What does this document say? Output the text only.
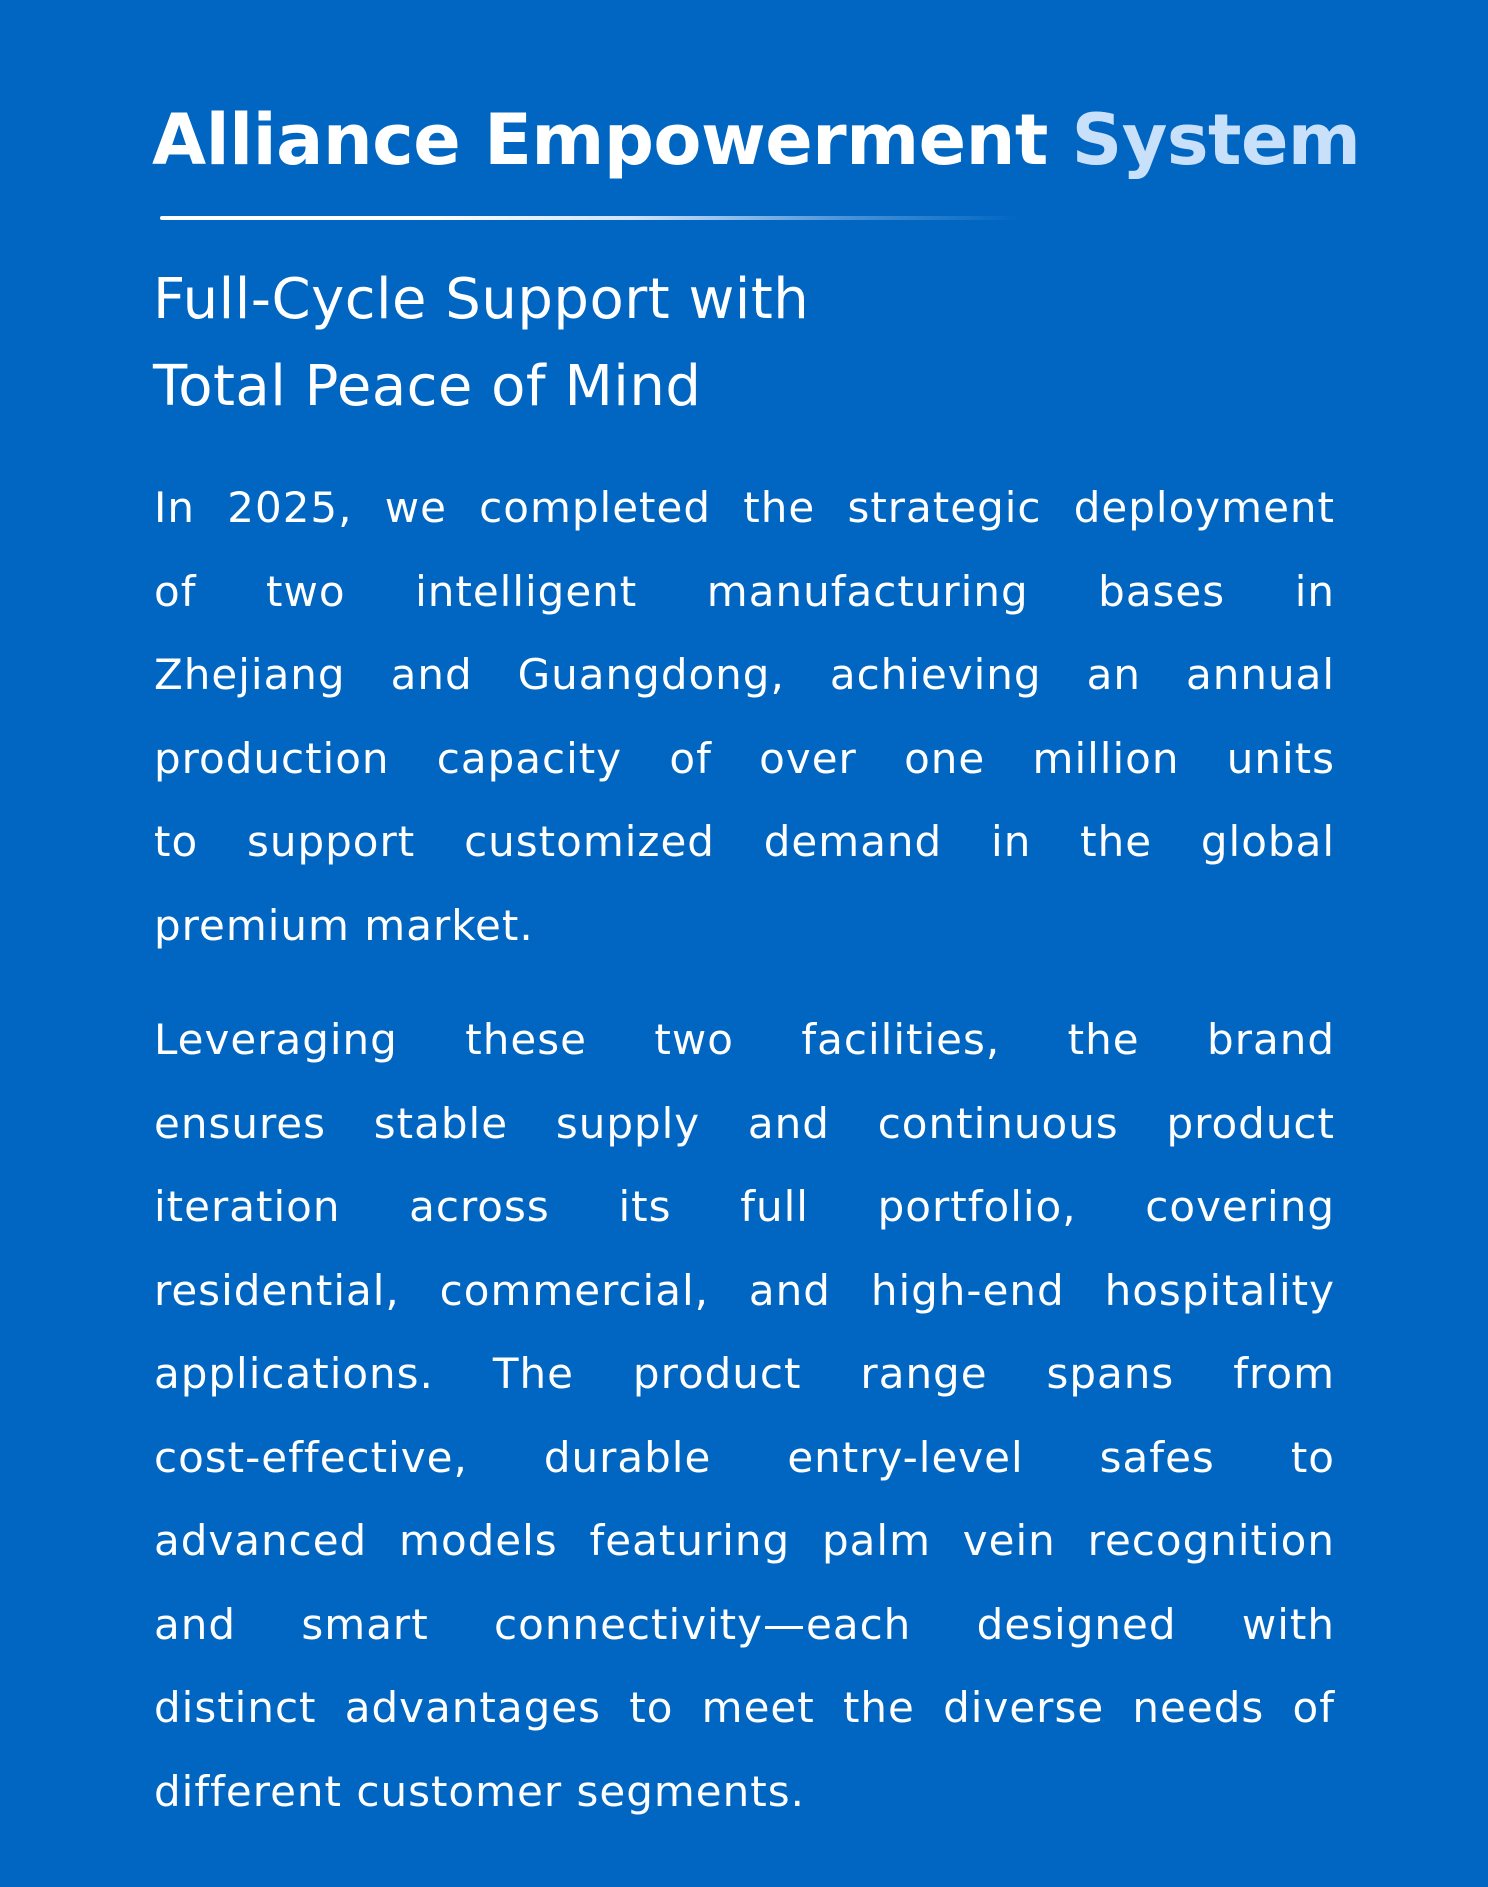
Alliance Empowerment System
Full-Cycle Support with
Total Peace of Mind

In 2025, we completed the strategic deployment
of two intelligent manufacturing bases in
Zhejiang and Guangdong, achieving an annual
production capacity of over one million units
to support customized demand in the global
premium market.

Leveraging these two facilities, the brand
ensures stable supply and continuous product
iteration across its full portfolio, covering
residential, commercial, and high-end hospitality
applications. The product range spans from
cost-effective, durable entry-level safes to
advanced models featuring palm vein recognition
and smart connectivity—each designed with
distinct advantages to meet the diverse needs of
different customer segments.
